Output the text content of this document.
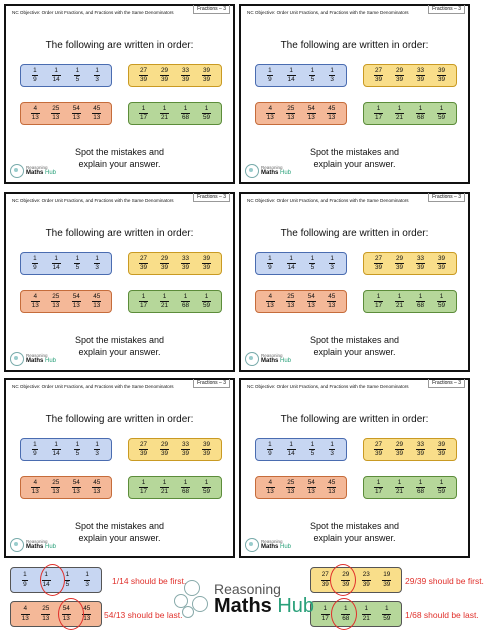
NC Objective: Order Unit Fractions, and Fractions with the Same Denominators
Fractions – 3
The following are written in order:
Spot the mistakes and
explain your answer.
Reasoning
Maths Hub
$\frac{1}{9} \frac{1}{14} \frac{1}{5} \frac{1}{3}$	$\frac{27}{39} \frac{29}{39} \frac{33}{39} \frac{39}{39}$
$\frac{4}{13} \frac{25}{13} \frac{54}{13} \frac{45}{13}$	$\frac{1}{17} \frac{1}{21} \frac{1}{68} \frac{1}{59}$
NC Objective: Order Unit Fractions, and Fractions with the Same Denominators
Fractions – 3
The following are written in order:
Spot the mistakes and
explain your answer.
Reasoning
Maths Hub
$\frac{1}{9} \frac{1}{14} \frac{1}{5} \frac{1}{3}$	$\frac{27}{39} \frac{29}{39} \frac{33}{39} \frac{39}{39}$
$\frac{4}{13} \frac{25}{13} \frac{54}{13} \frac{45}{13}$	$\frac{1}{17} \frac{1}{21} \frac{1}{68} \frac{1}{59}$
NC Objective: Order Unit Fractions, and Fractions with the Same Denominators
Fractions – 3
The following are written in order:
Spot the mistakes and
explain your answer.
Reasoning
Maths Hub
$\frac{1}{9} \frac{1}{14} \frac{1}{5} \frac{1}{3}$	$\frac{27}{39} \frac{29}{39} \frac{33}{39} \frac{39}{39}$
$\frac{4}{13} \frac{25}{13} \frac{54}{13} \frac{45}{13}$	$\frac{1}{17} \frac{1}{21} \frac{1}{68} \frac{1}{59}$
NC Objective: Order Unit Fractions, and Fractions with the Same Denominators
Fractions – 3
The following are written in order:
Spot the mistakes and
explain your answer.
Reasoning
Maths Hub
$\frac{1}{9} \frac{1}{14} \frac{1}{5} \frac{1}{3}$	$\frac{27}{39} \frac{29}{39} \frac{33}{39} \frac{39}{39}$
$\frac{4}{13} \frac{25}{13} \frac{54}{13} \frac{45}{13}$	$\frac{1}{17} \frac{1}{21} \frac{1}{68} \frac{1}{59}$
NC Objective: Order Unit Fractions, and Fractions with the Same Denominators
Fractions – 3
The following are written in order:
Spot the mistakes and
explain your answer.
Reasoning
Maths Hub
$\frac{1}{9} \frac{1}{14} \frac{1}{5} \frac{1}{3}$	$\frac{27}{39} \frac{29}{39} \frac{33}{39} \frac{39}{39}$
$\frac{4}{13} \frac{25}{13} \frac{54}{13} \frac{45}{13}$	$\frac{1}{17} \frac{1}{21} \frac{1}{68} \frac{1}{59}$
NC Objective: Order Unit Fractions, and Fractions with the Same Denominators
Fractions – 3
The following are written in order:
Spot the mistakes and
explain your answer.
Reasoning
Maths Hub
$\frac{1}{9} \frac{1}{14} \frac{1}{5} \frac{1}{3}$	$\frac{27}{39} \frac{29}{39} \frac{33}{39} \frac{39}{39}$
$\frac{4}{13} \frac{25}{13} \frac{54}{13} \frac{45}{13}$	$\frac{1}{17} \frac{1}{21} \frac{1}{68} \frac{1}{59}$
$\frac{1}{9} \frac{1}{14} \frac{1}{5} \frac{1}{3}$	1/14 should be first.	$\frac{27}{39} \frac{29}{39} \frac{23}{39} \frac{19}{39} 29/39$ should be first.
$\frac{4}{13} \frac{25}{13} \frac{54}{13} \frac{45}{13} 54/13$ should be last.	$\frac{1}{17} \frac{1}{68} \frac{1}{21} \frac{1}{59} 1/68$ should be last.
Reasoning
Maths Hub
